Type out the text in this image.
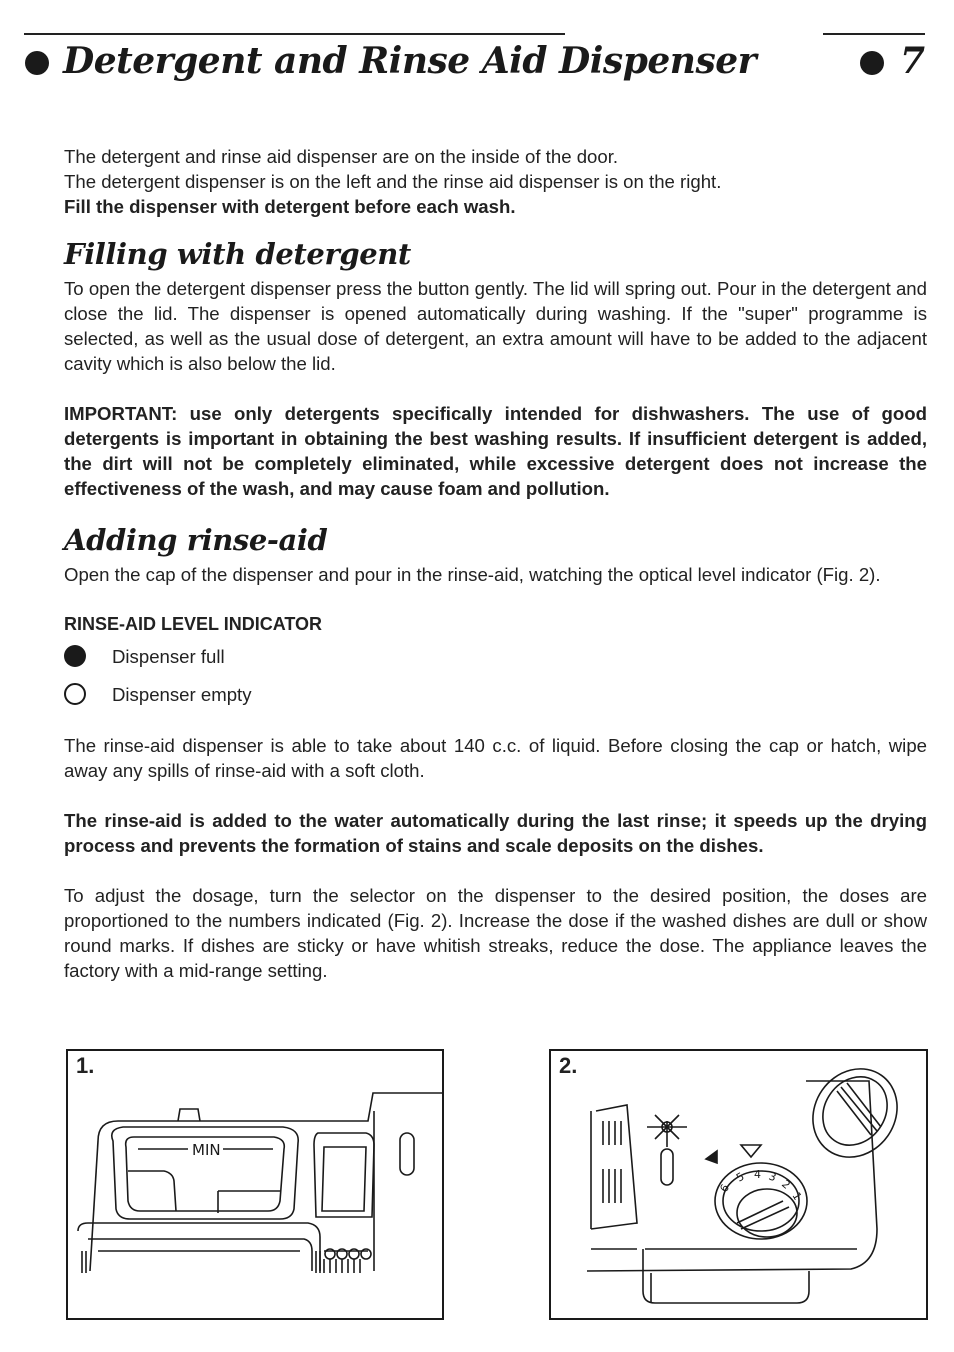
Detergent and Rinse Aid Dispenser	7
The detergent and rinse aid dispenser are on the inside of the door.
The detergent dispenser is on the left and the rinse aid dispenser is on the right.
Fill the dispenser with detergent before each wash.
Filling with detergent

To open the detergent dispenser press the button gently. The lid will spring out. Pour in the detergent and close the lid. The dispenser is opened automatically during washing. If the "super" programme is selected, as well as the usual dose of detergent, an extra amount will have to be added to the adjacent cavity which is also below the lid.

IMPORTANT: use only detergents specifically intended for dishwashers. The use of good detergents is important in obtaining the best washing results. If insufficient detergent is added, the dirt will not be completely eliminated, while excessive detergent does not increase the effectiveness of the wash, and may cause foam and pollution.

Adding rinse-aid

Open the cap of the dispenser and pour in the rinse-aid, watching the optical level indicator (Fig. 2).

RINSE-AID LEVEL INDICATOR
Dispenser full
Dispenser empty

The rinse-aid dispenser is able to take about 140 c.c. of liquid. Before closing the cap or hatch, wipe away any spills of rinse-aid with a soft cloth.

The rinse-aid is added to the water automatically during the last rinse; it speeds up the drying process and prevents the formation of stains and scale deposits on the dishes.

To adjust the dosage, turn the selector on the dispenser to the desired position, the doses are proportioned to the numbers indicated (Fig. 2). Increase the dose if the washed dishes are dull or show round marks. If dishes are sticky or have whitish streaks, reduce the dose. The appliance leaves the factory with a mid-range setting.

MIN
1.
6
5 4 3
2
1
2.
